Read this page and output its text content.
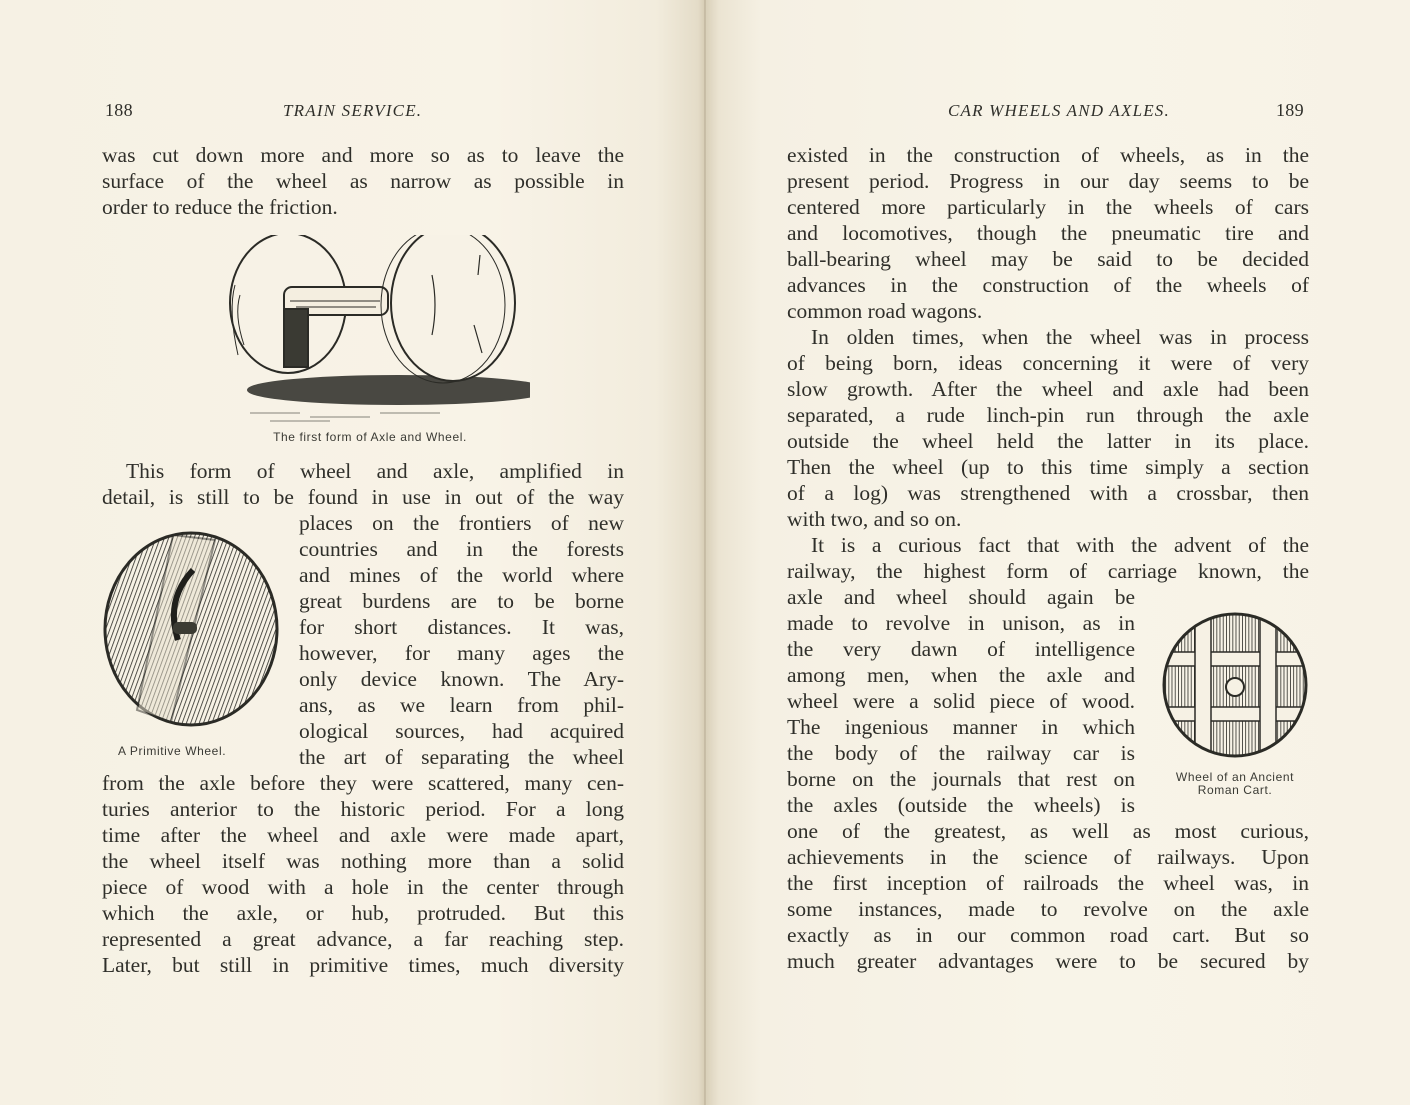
188	TRAIN SERVICE.
was cut down more and more so as to leave the
surface of the wheel as narrow as possible in
order to reduce the friction.
The first form of Axle and Wheel.
This form of wheel and axle, amplified in
detail, is still to be found in use in out of the way
A Primitive Wheel.
places on the frontiers of new
countries and in the forests
and mines of the world where
great burdens are to be borne
for short distances. It was,
however, for many ages the
only device known. The Ary-
ans, as we learn from phil-
ological sources, had acquired
the art of separating the wheel
from the axle before they were scattered, many cen-
turies anterior to the historic period. For a long
time after the wheel and axle were made apart,
the wheel itself was nothing more than a solid
piece of wood with a hole in the center through
which the axle, or hub, protruded. But this
represented a great advance, a far reaching step.
Later, but still in primitive times, much diversity
CAR WHEELS AND AXLES.	189
existed in the construction of wheels, as in the
present period. Progress in our day seems to be
centered more particularly in the wheels of cars
and locomotives, though the pneumatic tire and
ball-bearing wheel may be said to be decided
advances in the construction of the wheels of
common road wagons.
In olden times, when the wheel was in process
of being born, ideas concerning it were of very
slow growth. After the wheel and axle had been
separated, a rude linch-pin run through the axle
outside the wheel held the latter in its place.
Then the wheel (up to this time simply a section
of a log) was strengthened with a crossbar, then
with two, and so on.
It is a curious fact that with the advent of the
railway, the highest form of carriage known, the
axle and wheel should again be
made to revolve in unison, as in
the very dawn of intelligence
among men, when the axle and
wheel were a solid piece of wood.
The ingenious manner in which
the body of the railway car is
borne on the journals that rest on
the axles (outside the wheels) is
Wheel of an Ancient
Roman Cart.
one of the greatest, as well as most curious,
achievements in the science of railways. Upon
the first inception of railroads the wheel was, in
some instances, made to revolve on the axle
exactly as in our common road cart. But so
much greater advantages were to be secured by
